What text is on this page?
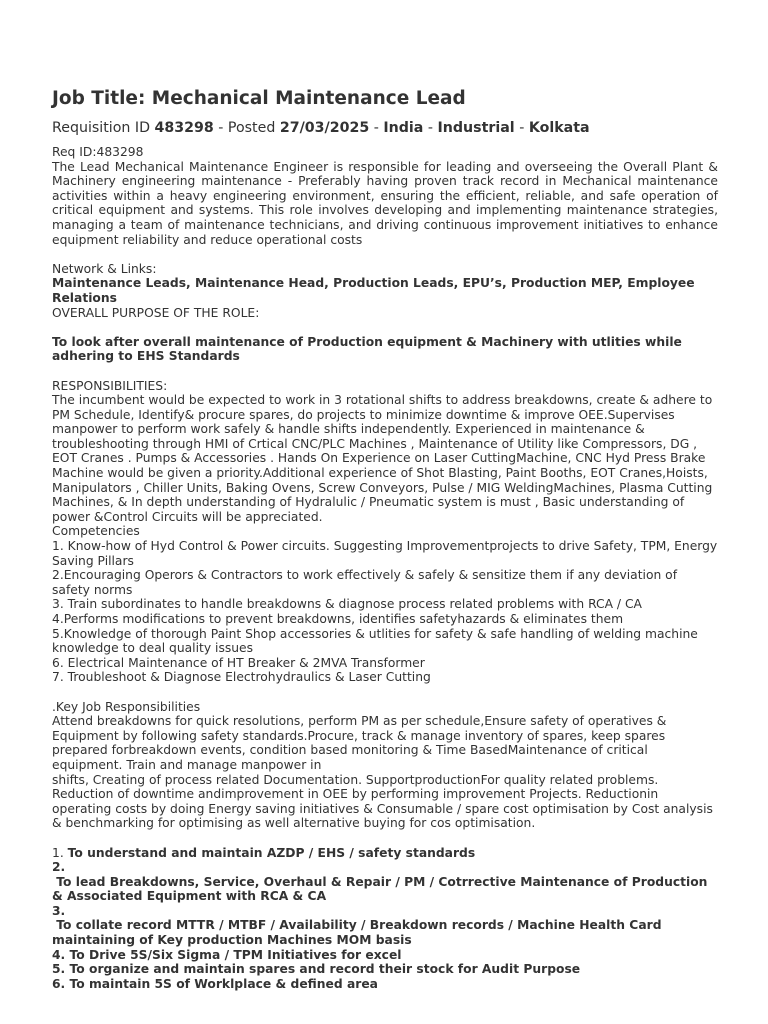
Job Title: Mechanical Maintenance Lead
Requisition ID 483298 - Posted 27/03/2025 - India - Industrial - Kolkata
Req ID:483298
The Lead Mechanical Maintenance Engineer is responsible for leading and overseeing the Overall Plant & Machinery engineering maintenance - Preferably having proven track record in Mechanical maintenance activities within a heavy engineering environment, ensuring the efficient, reliable, and safe operation of critical equipment and systems. This role involves developing and implementing maintenance strategies, managing a team of maintenance technicians, and driving continuous improvement initiatives to enhance equipment reliability and reduce operational costs
Network & Links:
Maintenance Leads, Maintenance Head, Production Leads, EPU’s, Production MEP, Employee Relations
OVERALL PURPOSE OF THE ROLE:
To look after overall maintenance of Production equipment & Machinery with utlities while adhering to EHS Standards
RESPONSIBILITIES:
The incumbent would be expected to work in 3 rotational shifts to address breakdowns, create & adhere to PM Schedule, Identify& procure spares, do projects to minimize downtime & improve OEE.Supervises manpower to perform work safely & handle shifts independently. Experienced in maintenance & troubleshooting through HMI of Crtical CNC/PLC Machines , Maintenance of Utility like Compressors, DG , EOT Cranes . Pumps & Accessories . Hands On Experience on Laser CuttingMachine, CNC Hyd Press Brake Machine would be given a priority.Additional experience of Shot Blasting, Paint Booths, EOT Cranes,Hoists, Manipulators , Chiller Units, Baking Ovens, Screw Conveyors, Pulse / MIG WeldingMachines, Plasma Cutting Machines, & In depth understanding of Hydralulic / Pneumatic system is must , Basic understanding of power &Control Circuits will be appreciated.
Competencies
1. Know-how of Hyd Control & Power circuits. Suggesting Improvementprojects to drive Safety, TPM, Energy Saving Pillars
2.Encouraging Operors & Contractors to work effectively & safely & sensitize them if any deviation of safety norms
3. Train subordinates to handle breakdowns & diagnose process related problems with RCA / CA
4.Performs modifications to prevent breakdowns, identifies safetyhazards & eliminates them
5.Knowledge of thorough Paint Shop accessories & utlities for safety & safe handling of welding machine knowledge to deal quality issues
6. Electrical Maintenance of HT Breaker & 2MVA Transformer
7. Troubleshoot & Diagnose Electrohydraulics & Laser Cutting
.Key Job Responsibilities
Attend breakdowns for quick resolutions, perform PM as per schedule,Ensure safety of operatives & Equipment by following safety standards.Procure, track & manage inventory of spares, keep spares prepared forbreakdown events, condition based monitoring & Time BasedMaintenance of critical equipment. Train and manage manpower in
shifts, Creating of process related Documentation. SupportproductionFor quality related problems. Reduction of downtime andimprovement in OEE by performing improvement Projects. Reductionin operating costs by doing Energy saving initiatives & Consumable / spare cost optimisation by Cost analysis & benchmarking for optimising as well alternative buying for cos optimisation.
1. To understand and maintain AZDP / EHS / safety standards
2.
To lead Breakdowns, Service, Overhaul & Repair / PM / Cotrrective Maintenance of Production & Associated Equipment with RCA & CA
3.
To collate record MTTR / MTBF / Availability / Breakdown records / Machine Health Card maintaining of Key production Machines MOM basis
4. To Drive 5S/Six Sigma / TPM Initiatives for excel
5. To organize and maintain spares and record their stock for Audit Purpose
6. To maintain 5S of Worklplace & defined area
